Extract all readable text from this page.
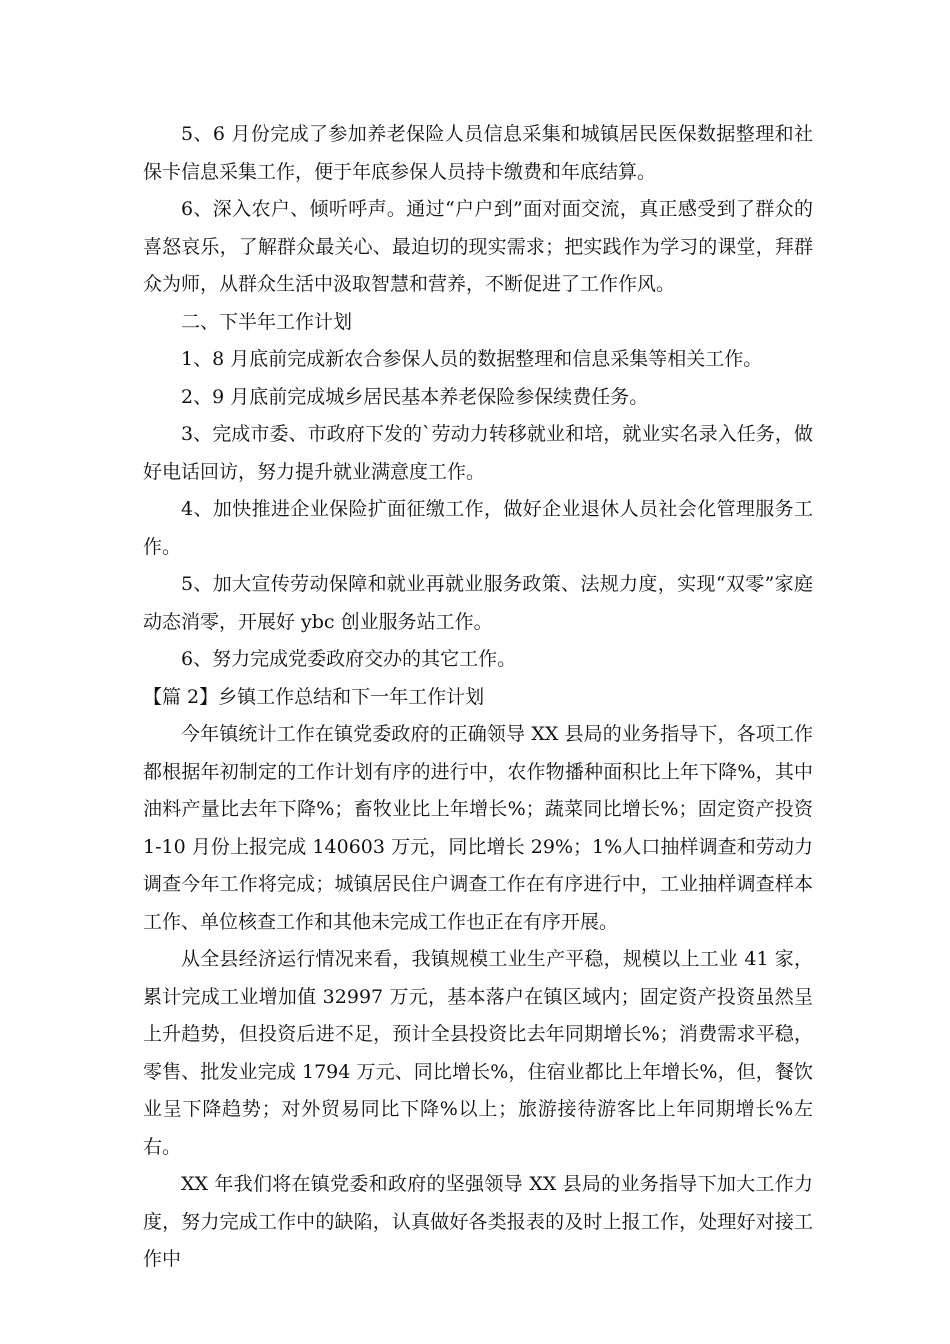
5、6 月份完成了参加养老保险人员信息采集和城镇居民医保数据整理和社保卡信息采集工作，便于年底参保人员持卡缴费和年底结算。

6、深入农户、倾听呼声。通过“户户到”面对面交流，真正感受到了群众的喜怒哀乐，了解群众最关心、最迫切的现实需求；把实践作为学习的课堂，拜群众为师，从群众生活中汲取智慧和营养，不断促进了工作作风。

二、下半年工作计划

1、8 月底前完成新农合参保人员的数据整理和信息采集等相关工作。

2、9 月底前完成城乡居民基本养老保险参保续费任务。

3、完成市委、市政府下发的`劳动力转移就业和培，就业实名录入任务，做好电话回访，努力提升就业满意度工作。

4、加快推进企业保险扩面征缴工作，做好企业退休人员社会化管理服务工作。

5、加大宣传劳动保障和就业再就业服务政策、法规力度，实现“双零”家庭动态消零，开展好 ybc 创业服务站工作。

6、努力完成党委政府交办的其它工作。

【篇 2】乡镇工作总结和下一年工作计划

今年镇统计工作在镇党委政府的正确领导 XX 县局的业务指导下，各项工作都根据年初制定的工作计划有序的进行中，农作物播种面积比上年下降%，其中油料产量比去年下降%；畜牧业比上年增长%；蔬菜同比增长%；固定资产投资 1-10 月份上报完成 140603 万元，同比增长 29%；1%人口抽样调查和劳动力调查今年工作将完成；城镇居民住户调查工作在有序进行中，工业抽样调查样本工作、单位核查工作和其他未完成工作也正在有序开展。

从全县经济运行情况来看，我镇规模工业生产平稳，规模以上工业 41 家，累计完成工业增加值 32997 万元，基本落户在镇区域内；固定资产投资虽然呈上升趋势，但投资后进不足，预计全县投资比去年同期增长%；消费需求平稳，零售、批发业完成 1794 万元、同比增长%，住宿业都比上年增长%，但，餐饮业呈下降趋势；对外贸易同比下降%以上；旅游接待游客比上年同期增长%左右。

XX 年我们将在镇党委和政府的坚强领导 XX 县局的业务指导下加大工作力度，努力完成工作中的缺陷，认真做好各类报表的及时上报工作，处理好对接工作中
